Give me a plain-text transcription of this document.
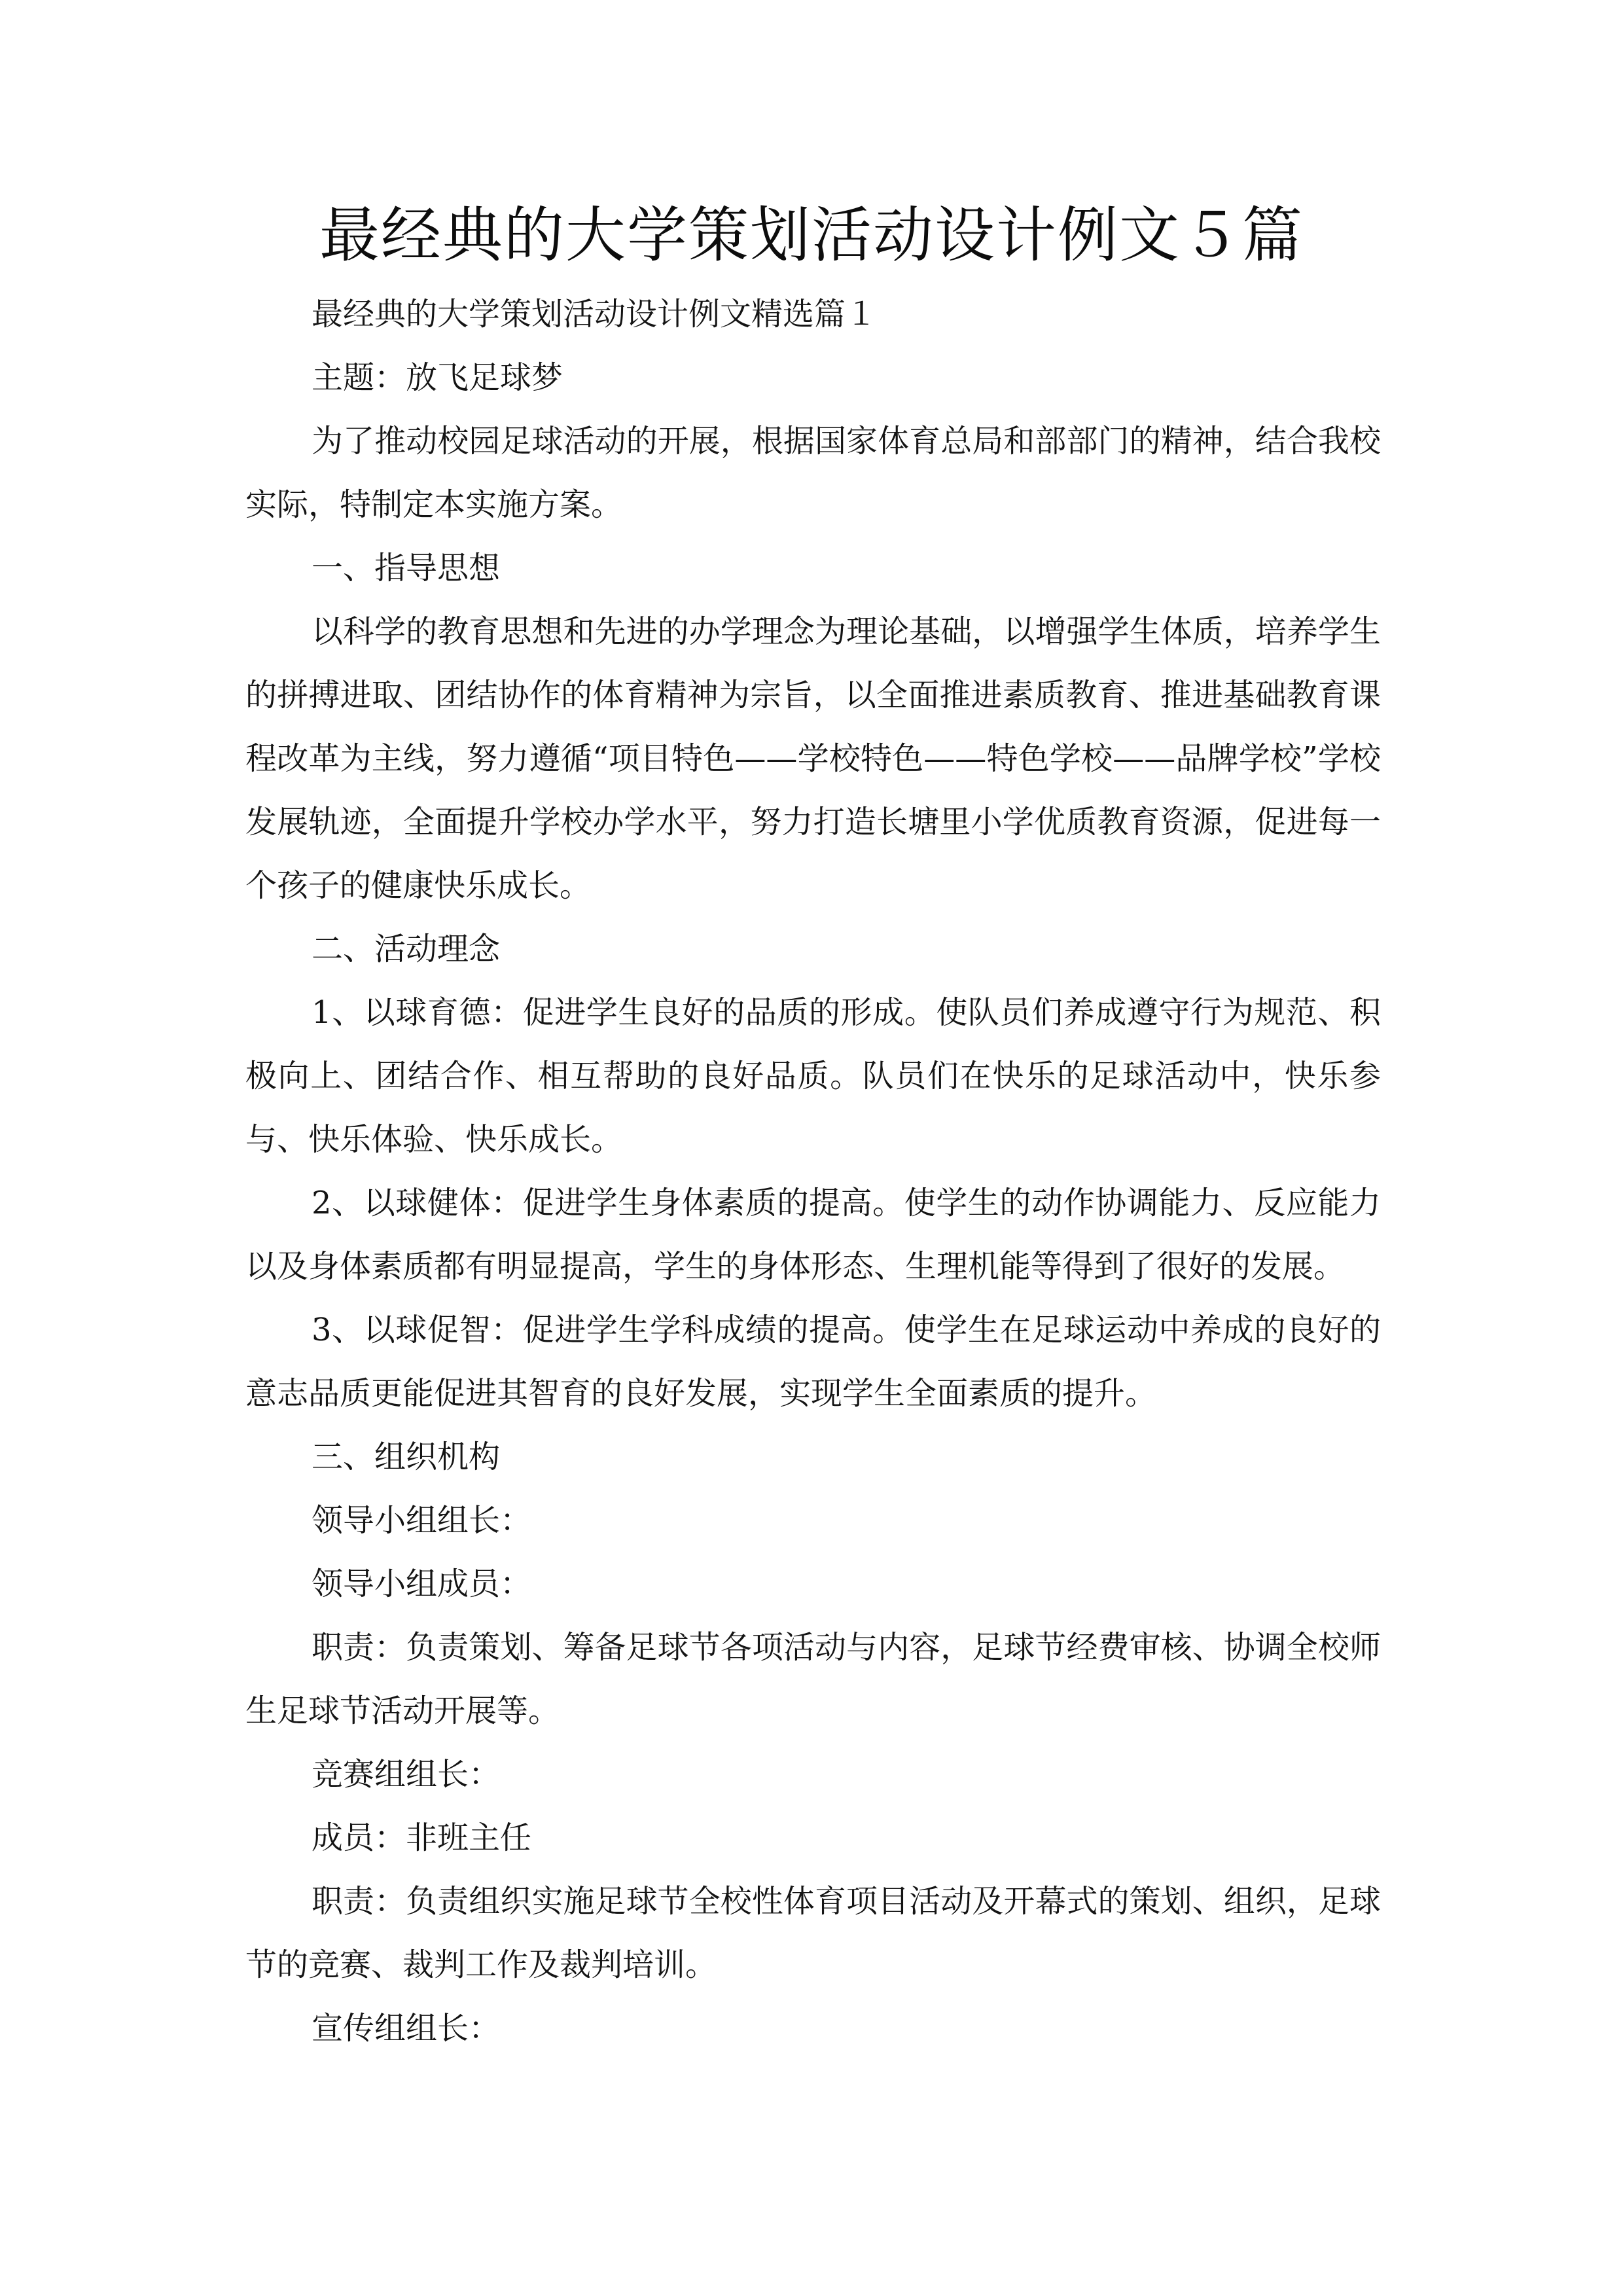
最经典的大学策划活动设计例文５篇

最经典的大学策划活动设计例文精选篇１

主题：放飞足球梦

为了推动校园足球活动的开展，根据国家体育总局和部部门的精神，结合我校实际，特制定本实施方案。

一、指导思想

以科学的教育思想和先进的办学理念为理论基础，以增强学生体质，培养学生的拼搏进取、团结协作的体育精神为宗旨，以全面推进素质教育、推进基础教育课程改革为主线，努力遵循“项目特色——学校特色——特色学校——品牌学校”学校发展轨迹，全面提升学校办学水平，努力打造长塘里小学优质教育资源，促进每一个孩子的健康快乐成长。

二、活动理念

1、以球育德：促进学生良好的品质的形成。使队员们养成遵守行为规范、积极向上、团结合作、相互帮助的良好品质。队员们在快乐的足球活动中，快乐参与、快乐体验、快乐成长。

2、以球健体：促进学生身体素质的提高。使学生的动作协调能力、反应能力以及身体素质都有明显提高，学生的身体形态、生理机能等得到了很好的发展。

3、以球促智：促进学生学科成绩的提高。使学生在足球运动中养成的良好的意志品质更能促进其智育的良好发展，实现学生全面素质的提升。

三、组织机构

领导小组组长：

领导小组成员：

职责：负责策划、筹备足球节各项活动与内容，足球节经费审核、协调全校师生足球节活动开展等。

竞赛组组长：

成员：非班主任

职责：负责组织实施足球节全校性体育项目活动及开幕式的策划、组织，足球节的竞赛、裁判工作及裁判培训。

宣传组组长：
